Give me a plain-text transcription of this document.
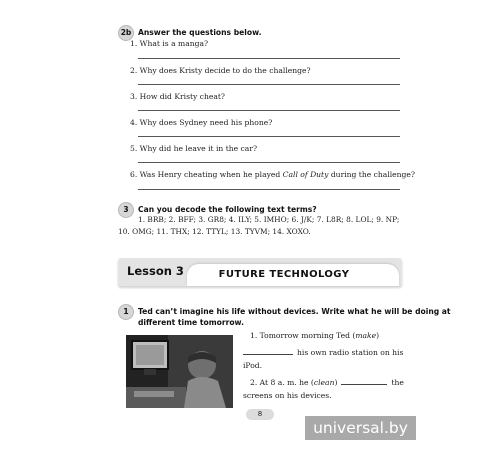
2b Answer the questions below.
1. What is a manga?
2. Why does Kristy decide to do the challenge?
3. How did Kristy cheat?
4. Why does Sydney need his phone?
5. Why did he leave it in the car?
6. Was Henry cheating when he played Call of Duty during the challenge?
3	Can you decode the following text terms?
1. BRB; 2. BFF; 3. GR8; 4. ILY; 5. IMHO; 6. J/K; 7. L8R; 8. LOL; 9. NP; 10. OMG; 11. THX; 12. TTYL; 13. TYVM; 14. XOXO.
Lesson 3	FUTURE TECHNOLOGY
1	Ted can’t imagine his life without devices. Write what he will be doing at
different time tomorrow.
1. Tomorrow morning Ted (make)
his own radio station on his
iPod.
2. At 8 a. m. he (clean)	the
screens on his devices.
8
universal.by
